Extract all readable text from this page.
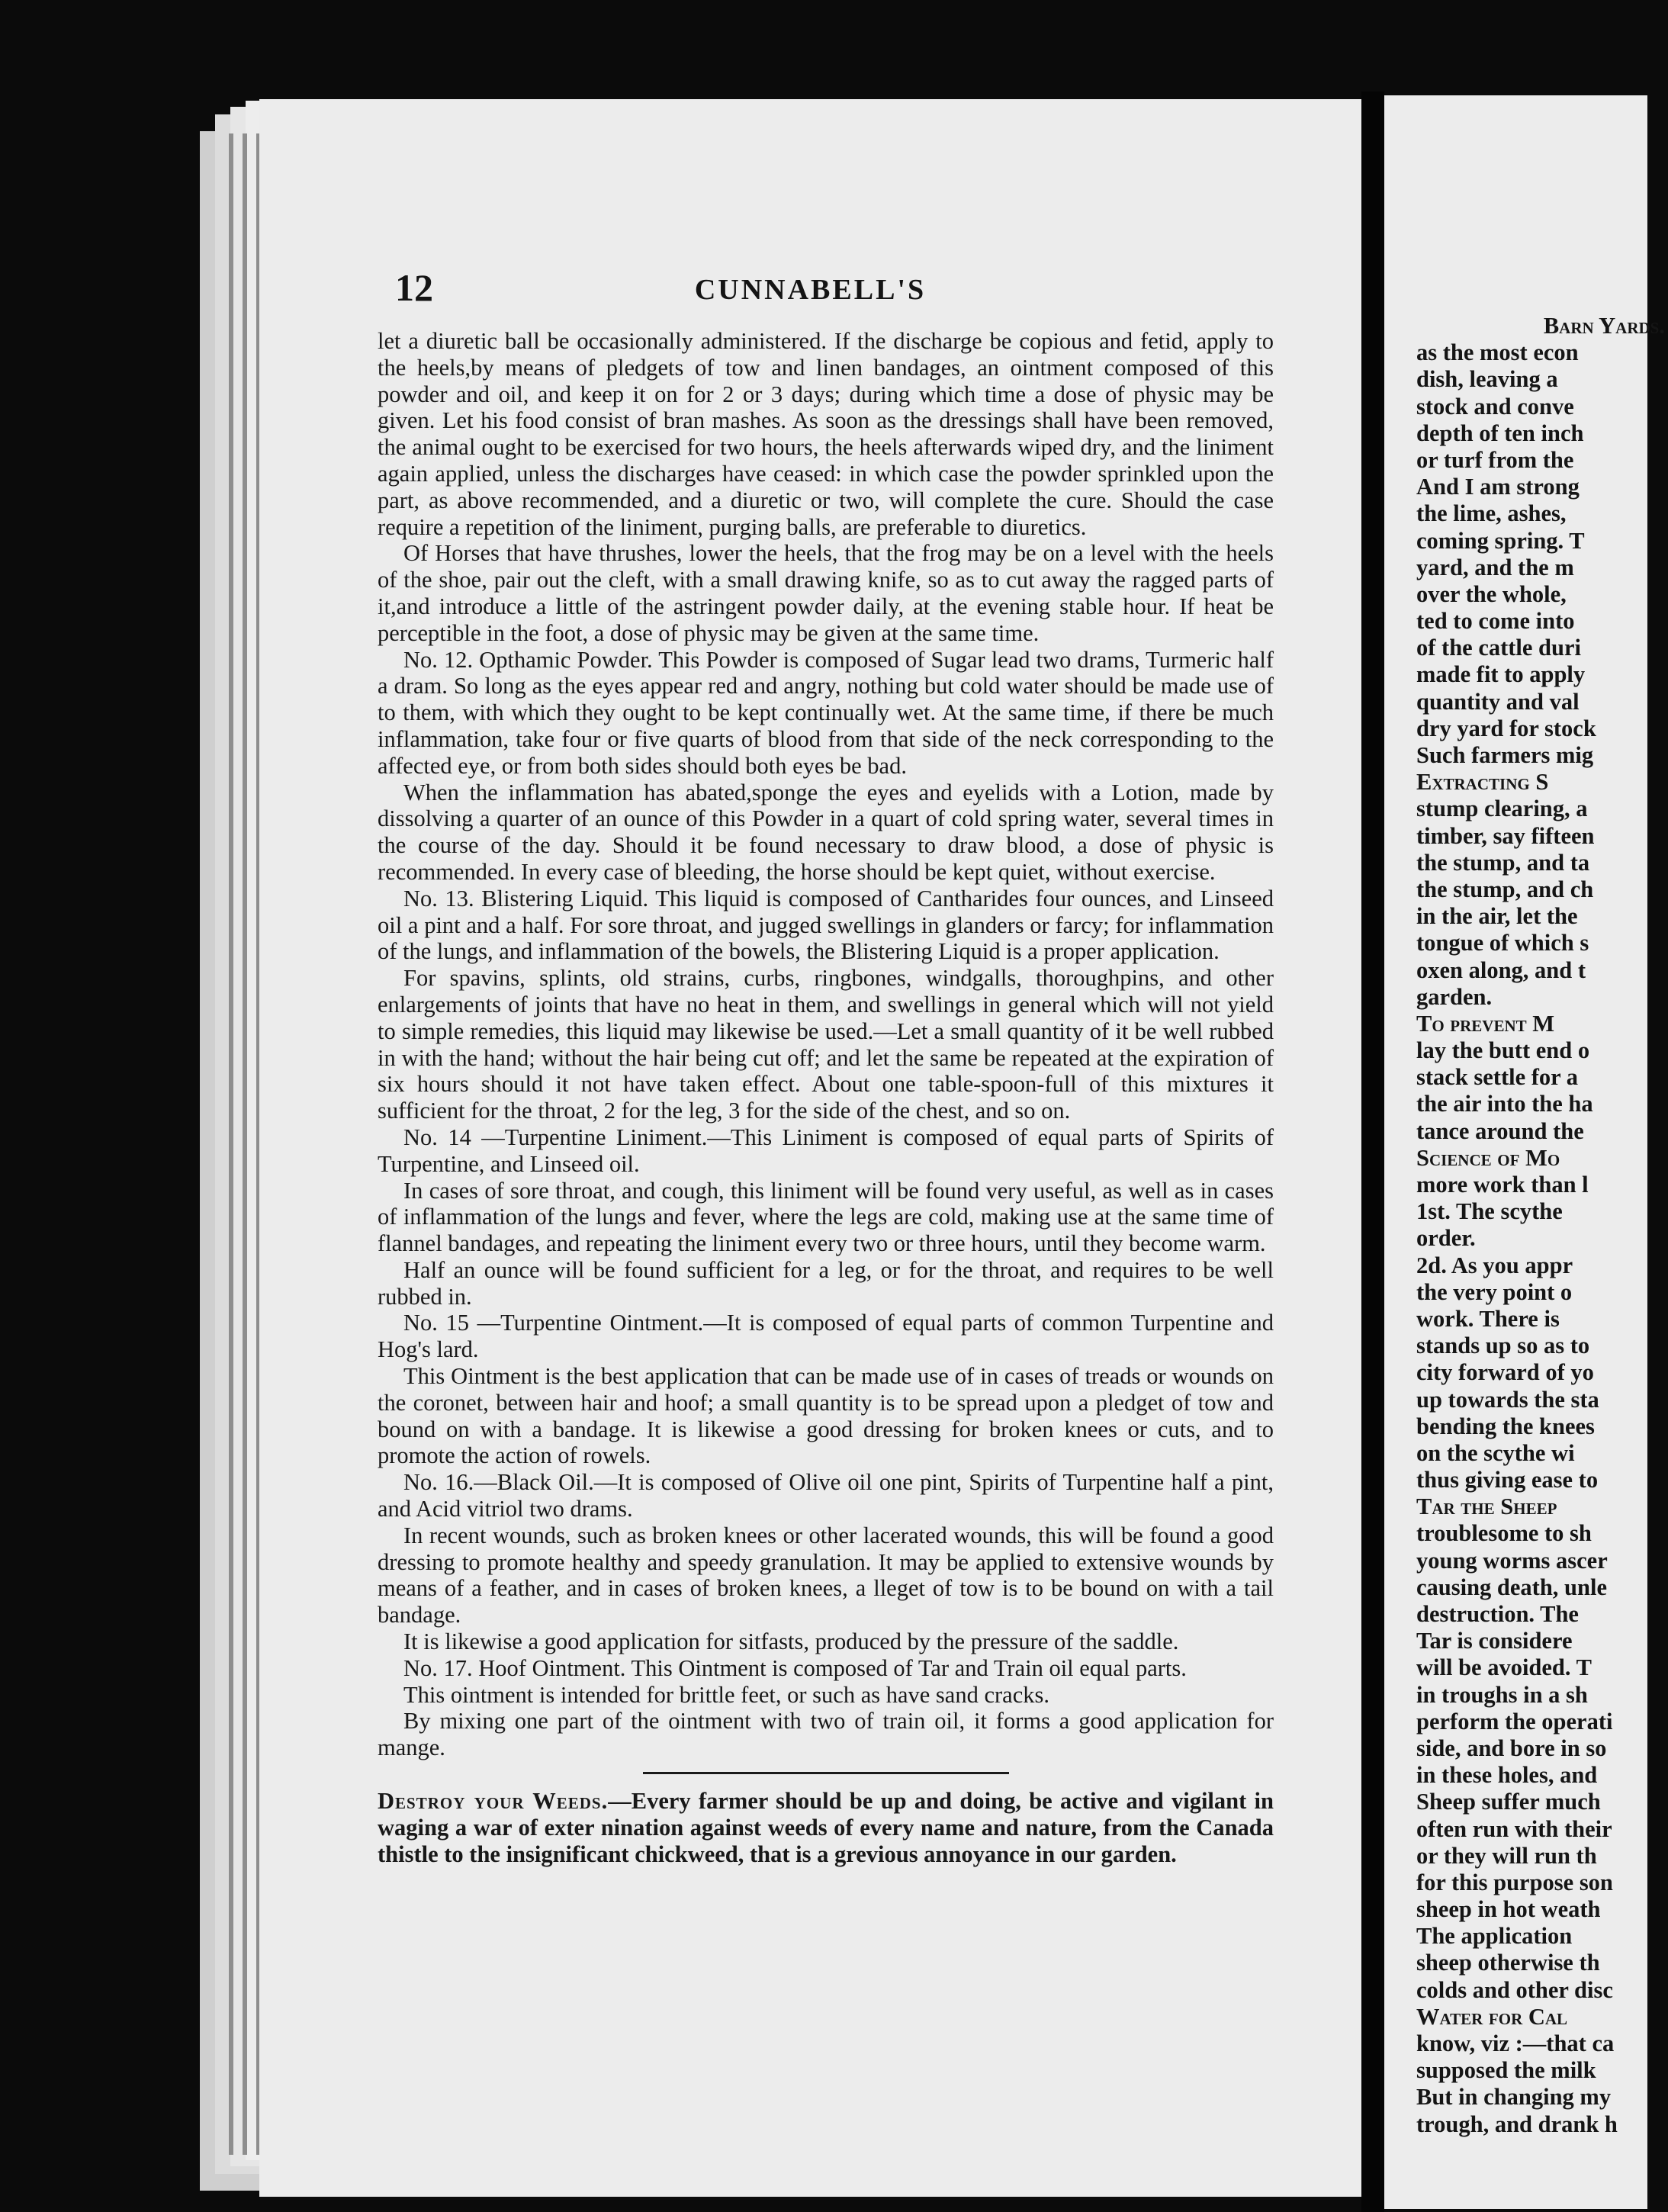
12	CUNNABELL'S

let a diuretic ball be occasionally administered. If the discharge be copious and fetid, apply to the heels,by means of pledgets of tow and linen bandages, an ointment composed of this powder and oil, and keep it on for 2 or 3 days; during which time a dose of physic may be given. Let his food consist of bran mashes. As soon as the dressings shall have been removed, the animal ought to be exercised for two hours, the heels afterwards wiped dry, and the liniment again applied, unless the discharges have ceased: in which case the powder sprinkled upon the part, as above recommended, and a diuretic or two, will complete the cure. Should the case require a repetition of the liniment, purging balls, are preferable to diuretics.

Of Horses that have thrushes, lower the heels, that the frog may be on a level with the heels of the shoe, pair out the cleft, with a small drawing knife, so as to cut away the ragged parts of it,and introduce a little of the astringent powder daily, at the evening stable hour. If heat be perceptible in the foot, a dose of physic may be given at the same time.

No. 12. Opthamic Powder. This Powder is composed of Sugar lead two drams, Turmeric half a dram. So long as the eyes appear red and angry, nothing but cold water should be made use of to them, with which they ought to be kept continually wet. At the same time, if there be much inflammation, take four or five quarts of blood from that side of the neck corresponding to the affected eye, or from both sides should both eyes be bad.

When the inflammation has abated,sponge the eyes and eyelids with a Lotion, made by dissolving a quarter of an ounce of this Powder in a quart of cold spring water, several times in the course of the day. Should it be found necessary to draw blood, a dose of physic is recommended. In every case of bleeding, the horse should be kept quiet, without exercise.

No. 13. Blistering Liquid. This liquid is composed of Cantharides four ounces, and Linseed oil a pint and a half. For sore throat, and jugged swellings in glanders or farcy; for inflammation of the lungs, and inflammation of the bowels, the Blistering Liquid is a proper application.

For spavins, splints, old strains, curbs, ringbones, windgalls, thoroughpins, and other enlargements of joints that have no heat in them, and swellings in general which will not yield to simple remedies, this liquid may likewise be used.—Let a small quantity of it be well rubbed in with the hand; without the hair being cut off; and let the same be repeated at the expiration of six hours should it not have taken effect. About one table-spoon-full of this mixtures it sufficient for the throat, 2 for the leg, 3 for the side of the chest, and so on.

No. 14 —Turpentine Liniment.—This Liniment is composed of equal parts of Spirits of Turpentine, and Linseed oil.

In cases of sore throat, and cough, this liniment will be found very useful, as well as in cases of inflammation of the lungs and fever, where the legs are cold, making use at the same time of flannel bandages, and repeating the liniment every two or three hours, until they become warm.

Half an ounce will be found sufficient for a leg, or for the throat, and requires to be well rubbed in.

No. 15 —Turpentine Ointment.—It is composed of equal parts of common Turpentine and Hog's lard.

This Ointment is the best application that can be made use of in cases of treads or wounds on the coronet, between hair and hoof; a small quantity is to be spread upon a pledget of tow and bound on with a bandage. It is likewise a good dressing for broken knees or cuts, and to promote the action of rowels.

No. 16.—Black Oil.—It is composed of Olive oil one pint, Spirits of Turpentine half a pint, and Acid vitriol two drams.

In recent wounds, such as broken knees or other lacerated wounds, this will be found a good dressing to promote healthy and speedy granulation. It may be applied to extensive wounds by means of a feather, and in cases of broken knees, a lleget of tow is to be bound on with a tail bandage.

It is likewise a good application for sitfasts, produced by the pressure of the saddle.

No. 17. Hoof Ointment. This Ointment is composed of Tar and Train oil equal parts.

This ointment is intended for brittle feet, or such as have sand cracks.

By mixing one part of the ointment with two of train oil, it forms a good application for mange.

Destroy your Weeds.—Every farmer should be up and doing, be active and vigilant in waging a war of exter nination against weeds of every name and nature, from the Canada thistle to the insignificant chickweed, that is a grevious annoyance in our garden.

Barn Yards.
as the most econ
dish, leaving a
stock and conve
depth of ten inch
or turf from the
And I am strong
the lime, ashes,
coming spring. T
yard, and the m
over the whole,
ted to come into
of the cattle duri
made fit to apply
quantity and val
dry yard for stock
Such farmers mig
Extracting S
stump clearing, a
timber, say fifteen
the stump, and ta
the stump, and ch
in the air, let the
tongue of which s
oxen along, and t
garden.
To prevent M
lay the butt end o
stack settle for a
the air into the ha
tance around the
Science of Mo
more work than l
1st. The scythe
order.
2d. As you appr
the very point o
work. There is
stands up so as to
city forward of yo
up towards the sta
bending the knees
on the scythe wi
thus giving ease to
Tar the Sheep
troublesome to sh
young worms ascer
causing death, unle
destruction. The
Tar is considere
will be avoided. T
in troughs in a sh
perform the operati
side, and bore in so
in these holes, and
Sheep suffer much
often run with their
or they will run th
for this purpose son
sheep in hot weath
The application
sheep otherwise th
colds and other disc
Water for Cal
know, viz :—that ca
supposed the milk
But in changing my
trough, and drank h
